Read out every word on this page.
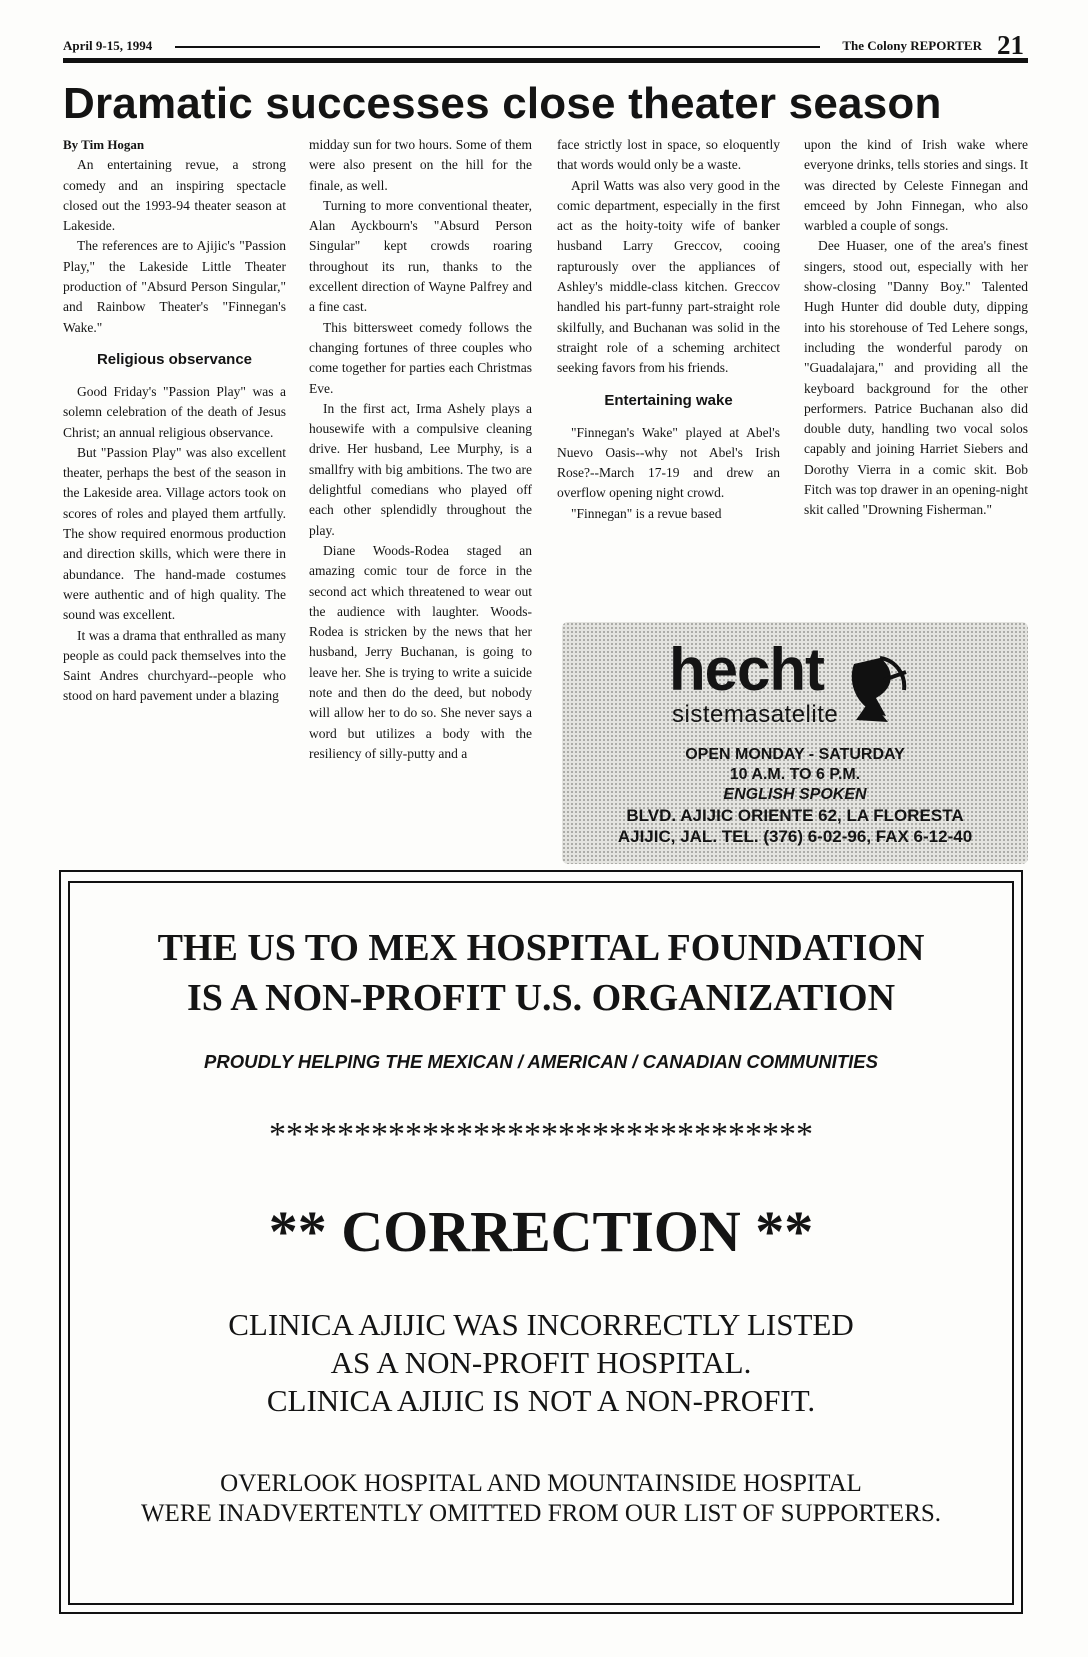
April 9-15, 1994	The Colony REPORTER 21
Dramatic successes close theater season

By Tim Hogan

An entertaining revue, a strong comedy and an inspiring spectacle closed out the 1993-94 theater season at Lakeside.

The references are to Ajijic's "Passion Play," the Lakeside Little Theater production of "Absurd Person Singular," and Rainbow Theater's "Finnegan's Wake."

Religious observance

Good Friday's "Passion Play" was a solemn celebration of the death of Jesus Christ; an annual religious observance.

But "Passion Play" was also excellent theater, perhaps the best of the season in the Lakeside area. Village actors took on scores of roles and played them artfully. The show required enormous production and direction skills, which were there in abundance. The hand-made costumes were authentic and of high quality. The sound was excellent.

It was a drama that enthralled as many people as could pack themselves into the Saint Andres churchyard--people who stood on hard pavement under a blazing

midday sun for two hours. Some of them were also present on the hill for the finale, as well.

Turning to more conventional theater, Alan Ayckbourn's "Absurd Person Singular" kept crowds roaring throughout its run, thanks to the excellent direction of Wayne Palfrey and a fine cast.

This bittersweet comedy follows the changing fortunes of three couples who come together for parties each Christmas Eve.

In the first act, Irma Ashely plays a housewife with a compulsive cleaning drive. Her husband, Lee Murphy, is a smallfry with big ambitions. The two are delightful comedians who played off each other splendidly throughout the play.

Diane Woods-Rodea staged an amazing comic tour de force in the second act which threatened to wear out the audience with laughter. Woods-Rodea is stricken by the news that her husband, Jerry Buchanan, is going to leave her. She is trying to write a suicide note and then do the deed, but nobody will allow her to do so. She never says a word but utilizes a body with the resiliency of silly-putty and a

face strictly lost in space, so eloquently that words would only be a waste.

April Watts was also very good in the comic department, especially in the first act as the hoity-toity wife of banker husband Larry Greccov, cooing rapturously over the appliances of Ashley's middle-class kitchen. Greccov handled his part-funny part-straight role skilfully, and Buchanan was solid in the straight role of a scheming architect seeking favors from his friends.

Entertaining wake

"Finnegan's Wake" played at Abel's Nuevo Oasis--why not Abel's Irish Rose?--March 17-19 and drew an overflow opening night crowd.

"Finnegan" is a revue based

upon the kind of Irish wake where everyone drinks, tells stories and sings. It was directed by Celeste Finnegan and emceed by John Finnegan, who also warbled a couple of songs.

Dee Huaser, one of the area's finest singers, stood out, especially with her show-closing "Danny Boy." Talented Hugh Hunter did double duty, dipping into his storehouse of Ted Lehere songs, including the wonderful parody on "Guadalajara," and providing all the keyboard background for the other performers. Patrice Buchanan also did double duty, handling two vocal solos capably and joining Harriet Siebers and Dorothy Vierra in a comic skit. Bob Fitch was top drawer in an opening-night skit called "Drowning Fisherman."

hecht
sistemasatelite
OPEN MONDAY - SATURDAY
10 A.M. TO 6 P.M.
ENGLISH SPOKEN
BLVD. AJIJIC ORIENTE 62, LA FLORESTA
AJIJIC, JAL. TEL. (376) 6-02-96, FAX 6-12-40
THE US TO MEX HOSPITAL FOUNDATION
IS A NON-PROFIT U.S. ORGANIZATION
PROUDLY HELPING THE MEXICAN / AMERICAN / CANADIAN COMMUNITIES
********************************
** CORRECTION **
CLINICA AJIJIC WAS INCORRECTLY LISTED
AS A NON-PROFIT HOSPITAL.
CLINICA AJIJIC IS NOT A NON-PROFIT.
OVERLOOK HOSPITAL AND MOUNTAINSIDE HOSPITAL
WERE INADVERTENTLY OMITTED FROM OUR LIST OF SUPPORTERS.
